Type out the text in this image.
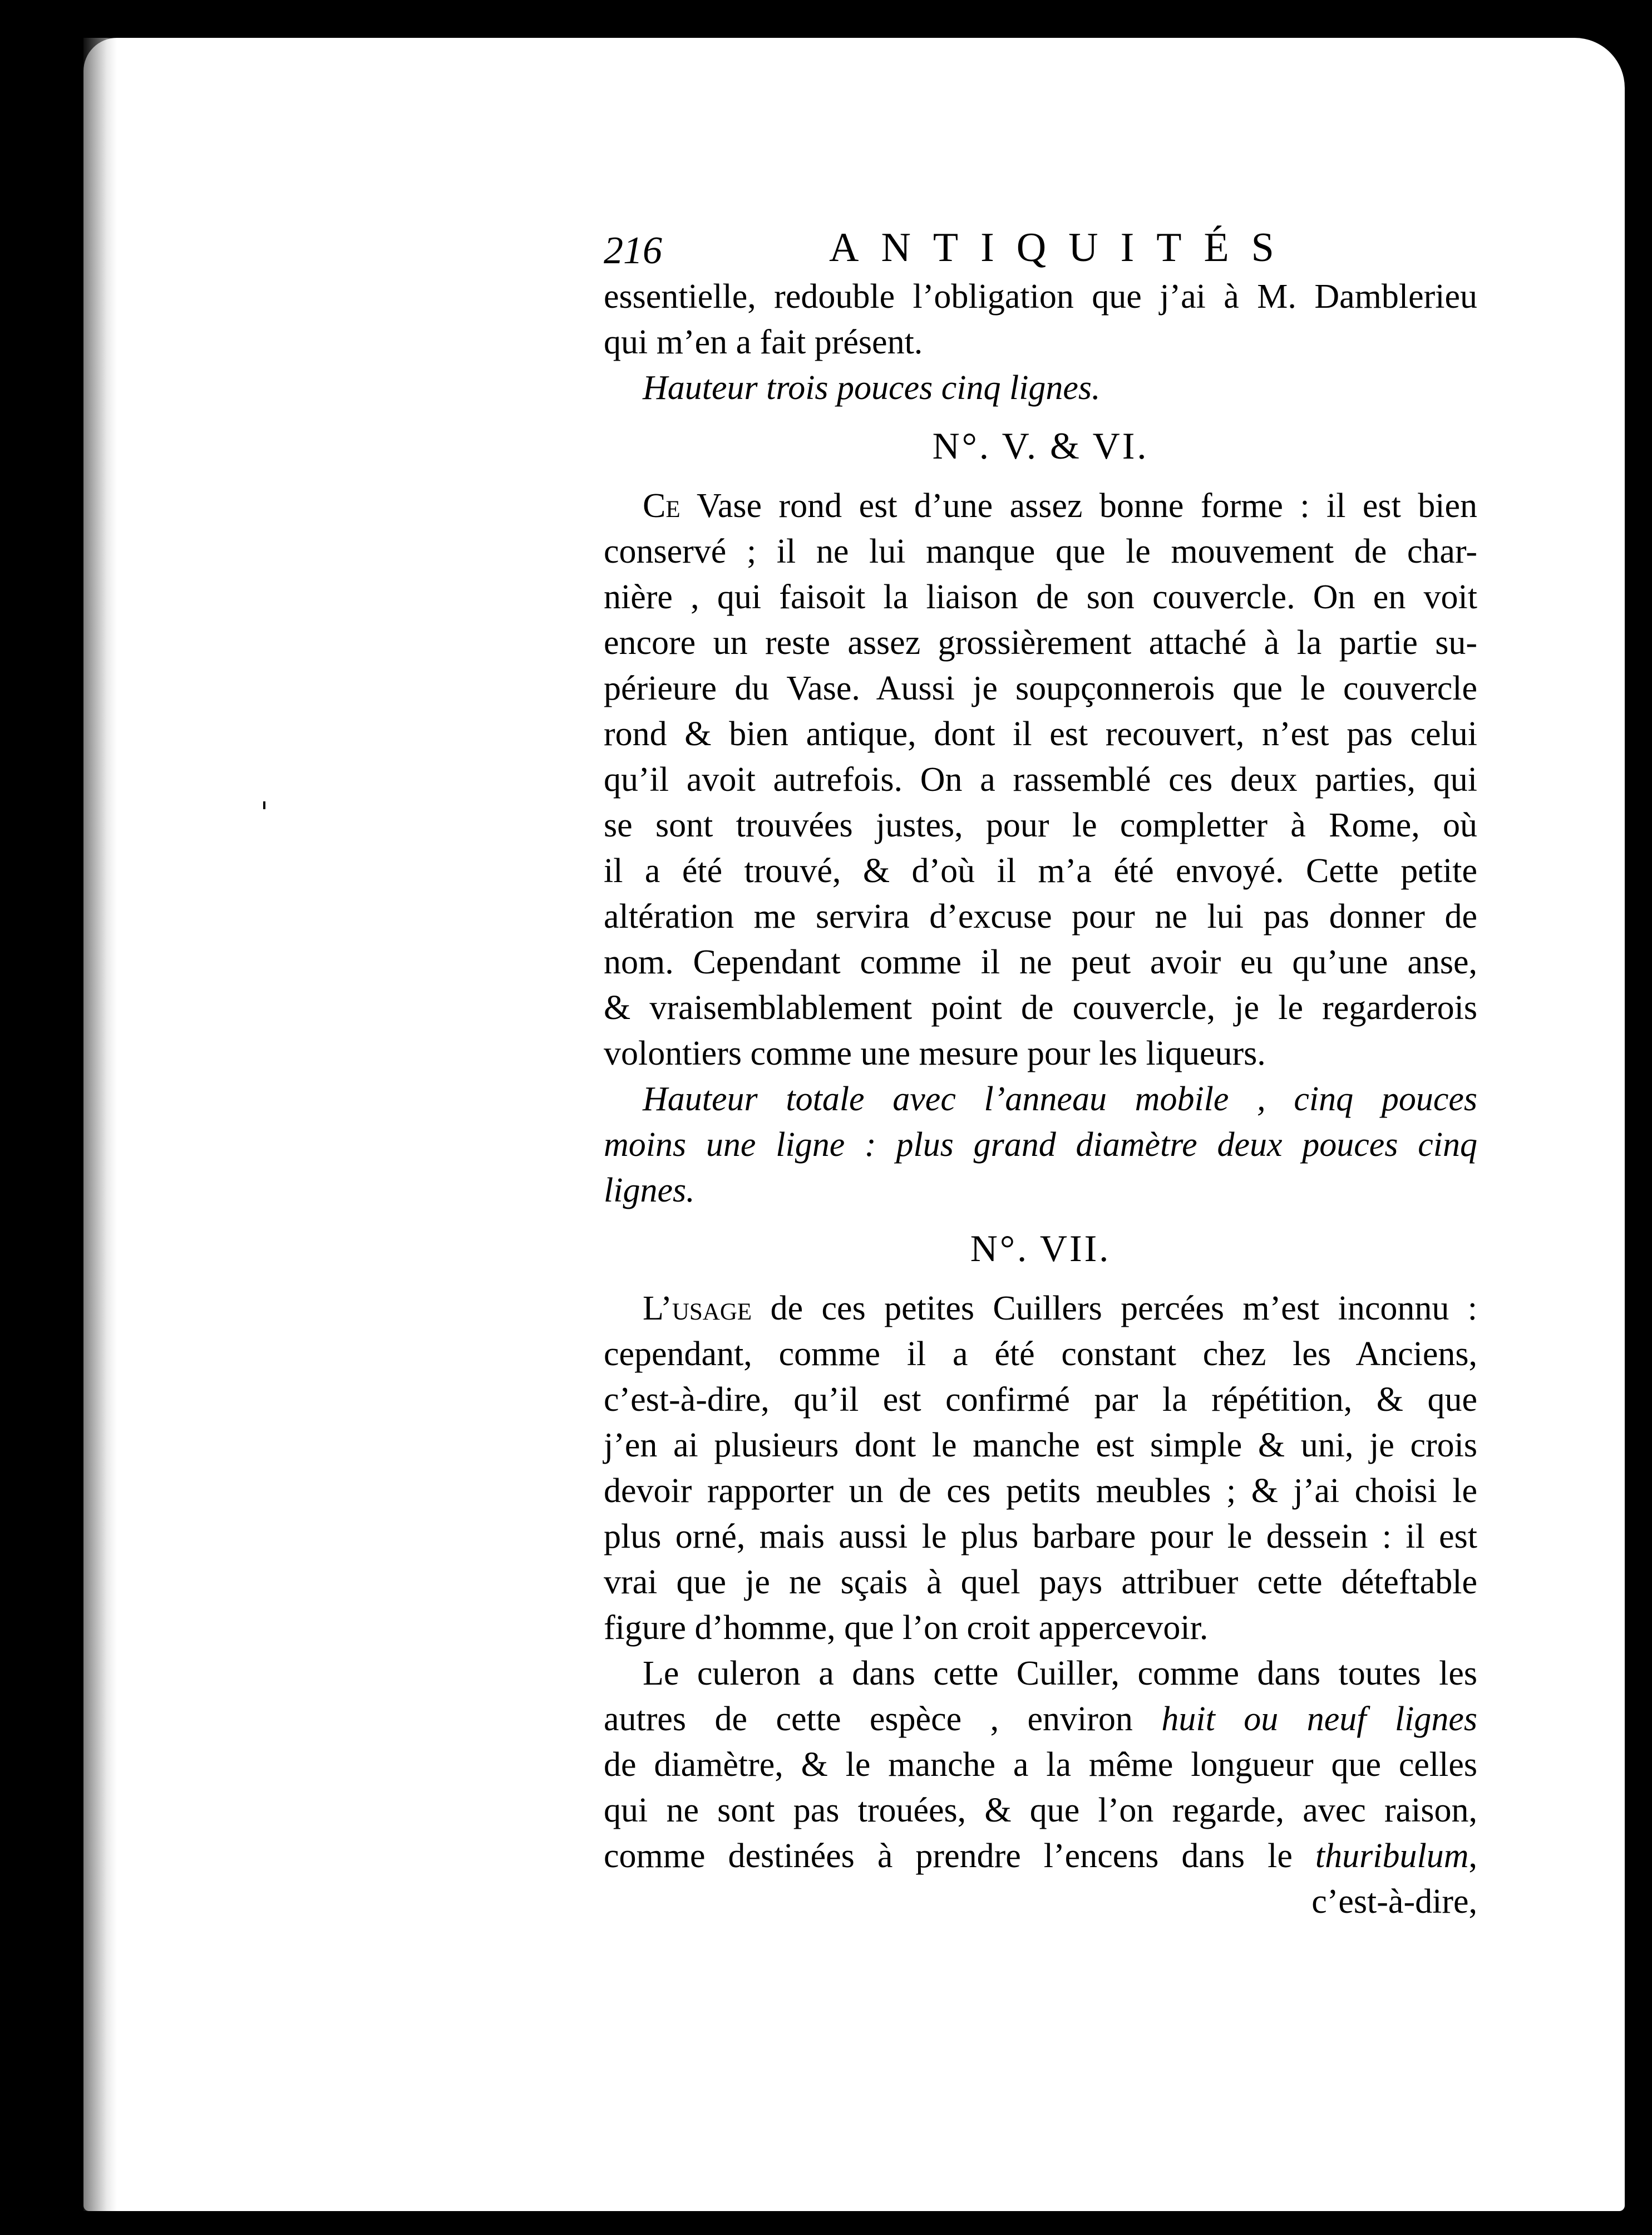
216	ANTIQUITÉS

essentielle, redouble l’obligation que j’ai à M. Damblerieu

qui m’en a fait présent.

Hauteur trois pouces cinq lignes.

N°. V. & VI.

Ce Vase rond est d’une assez bonne forme : il est bien

conservé ; il ne lui manque que le mouvement de char-

nière , qui faisoit la liaison de son couvercle. On en voit

encore un reste assez grossièrement attaché à la partie su-

périeure du Vase. Aussi je soupçonnerois que le couvercle

rond & bien antique, dont il est recouvert, n’est pas celui

qu’il avoit autrefois. On a rassemblé ces deux parties, qui

se sont trouvées justes, pour le completter à Rome, où

il a été trouvé, & d’où il m’a été envoyé. Cette petite

altération me servira d’excuse pour ne lui pas donner de

nom. Cependant comme il ne peut avoir eu qu’une anse,

& vraisemblablement point de couvercle, je le regarderois

volontiers comme une mesure pour les liqueurs.

Hauteur totale avec l’anneau mobile , cinq pouces

moins une ligne : plus grand diamètre deux pouces cinq

lignes.

N°. VII.

L’usage de ces petites Cuillers percées m’est inconnu :

cependant, comme il a été constant chez les Anciens,

c’est-à-dire, qu’il est confirmé par la répétition, & que

j’en ai plusieurs dont le manche est simple & uni, je crois

devoir rapporter un de ces petits meubles ; & j’ai choisi le

plus orné, mais aussi le plus barbare pour le dessein : il est

vrai que je ne sçais à quel pays attribuer cette déteftable

figure d’homme, que l’on croit appercevoir.

Le culeron a dans cette Cuiller, comme dans toutes les

autres de cette espèce , environ huit ou neuf lignes

de diamètre, & le manche a la même longueur que celles

qui ne sont pas trouées, & que l’on regarde, avec raison,

comme destinées à prendre l’encens dans le thuribulum,

c’est-à-dire,
